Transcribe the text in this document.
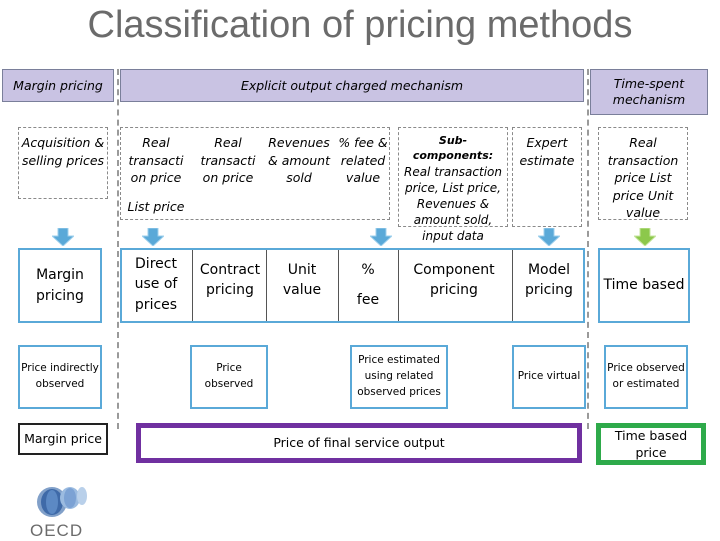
Classification of pricing methods
Margin pricing	Explicit output charged mechanism	Time-spent mechanism
Acquisition & selling prices
Real transacti on price
List price
Real transacti on price
Revenues & amount sold
% fee & related value
Sub-components:
Real transaction price, List price, Revenues & amount sold, input data
Expert estimate
Real transaction price List price Unit value
Margin pricing
Direct use of prices
Contract pricing
Unit value
%
fee
Component pricing
Model pricing	Time based
Price indirectly observed
Price observed
Price estimated using related observed prices
Price virtual
Price observed or estimated
Margin price	Price of final service output
Time based price
OECD
